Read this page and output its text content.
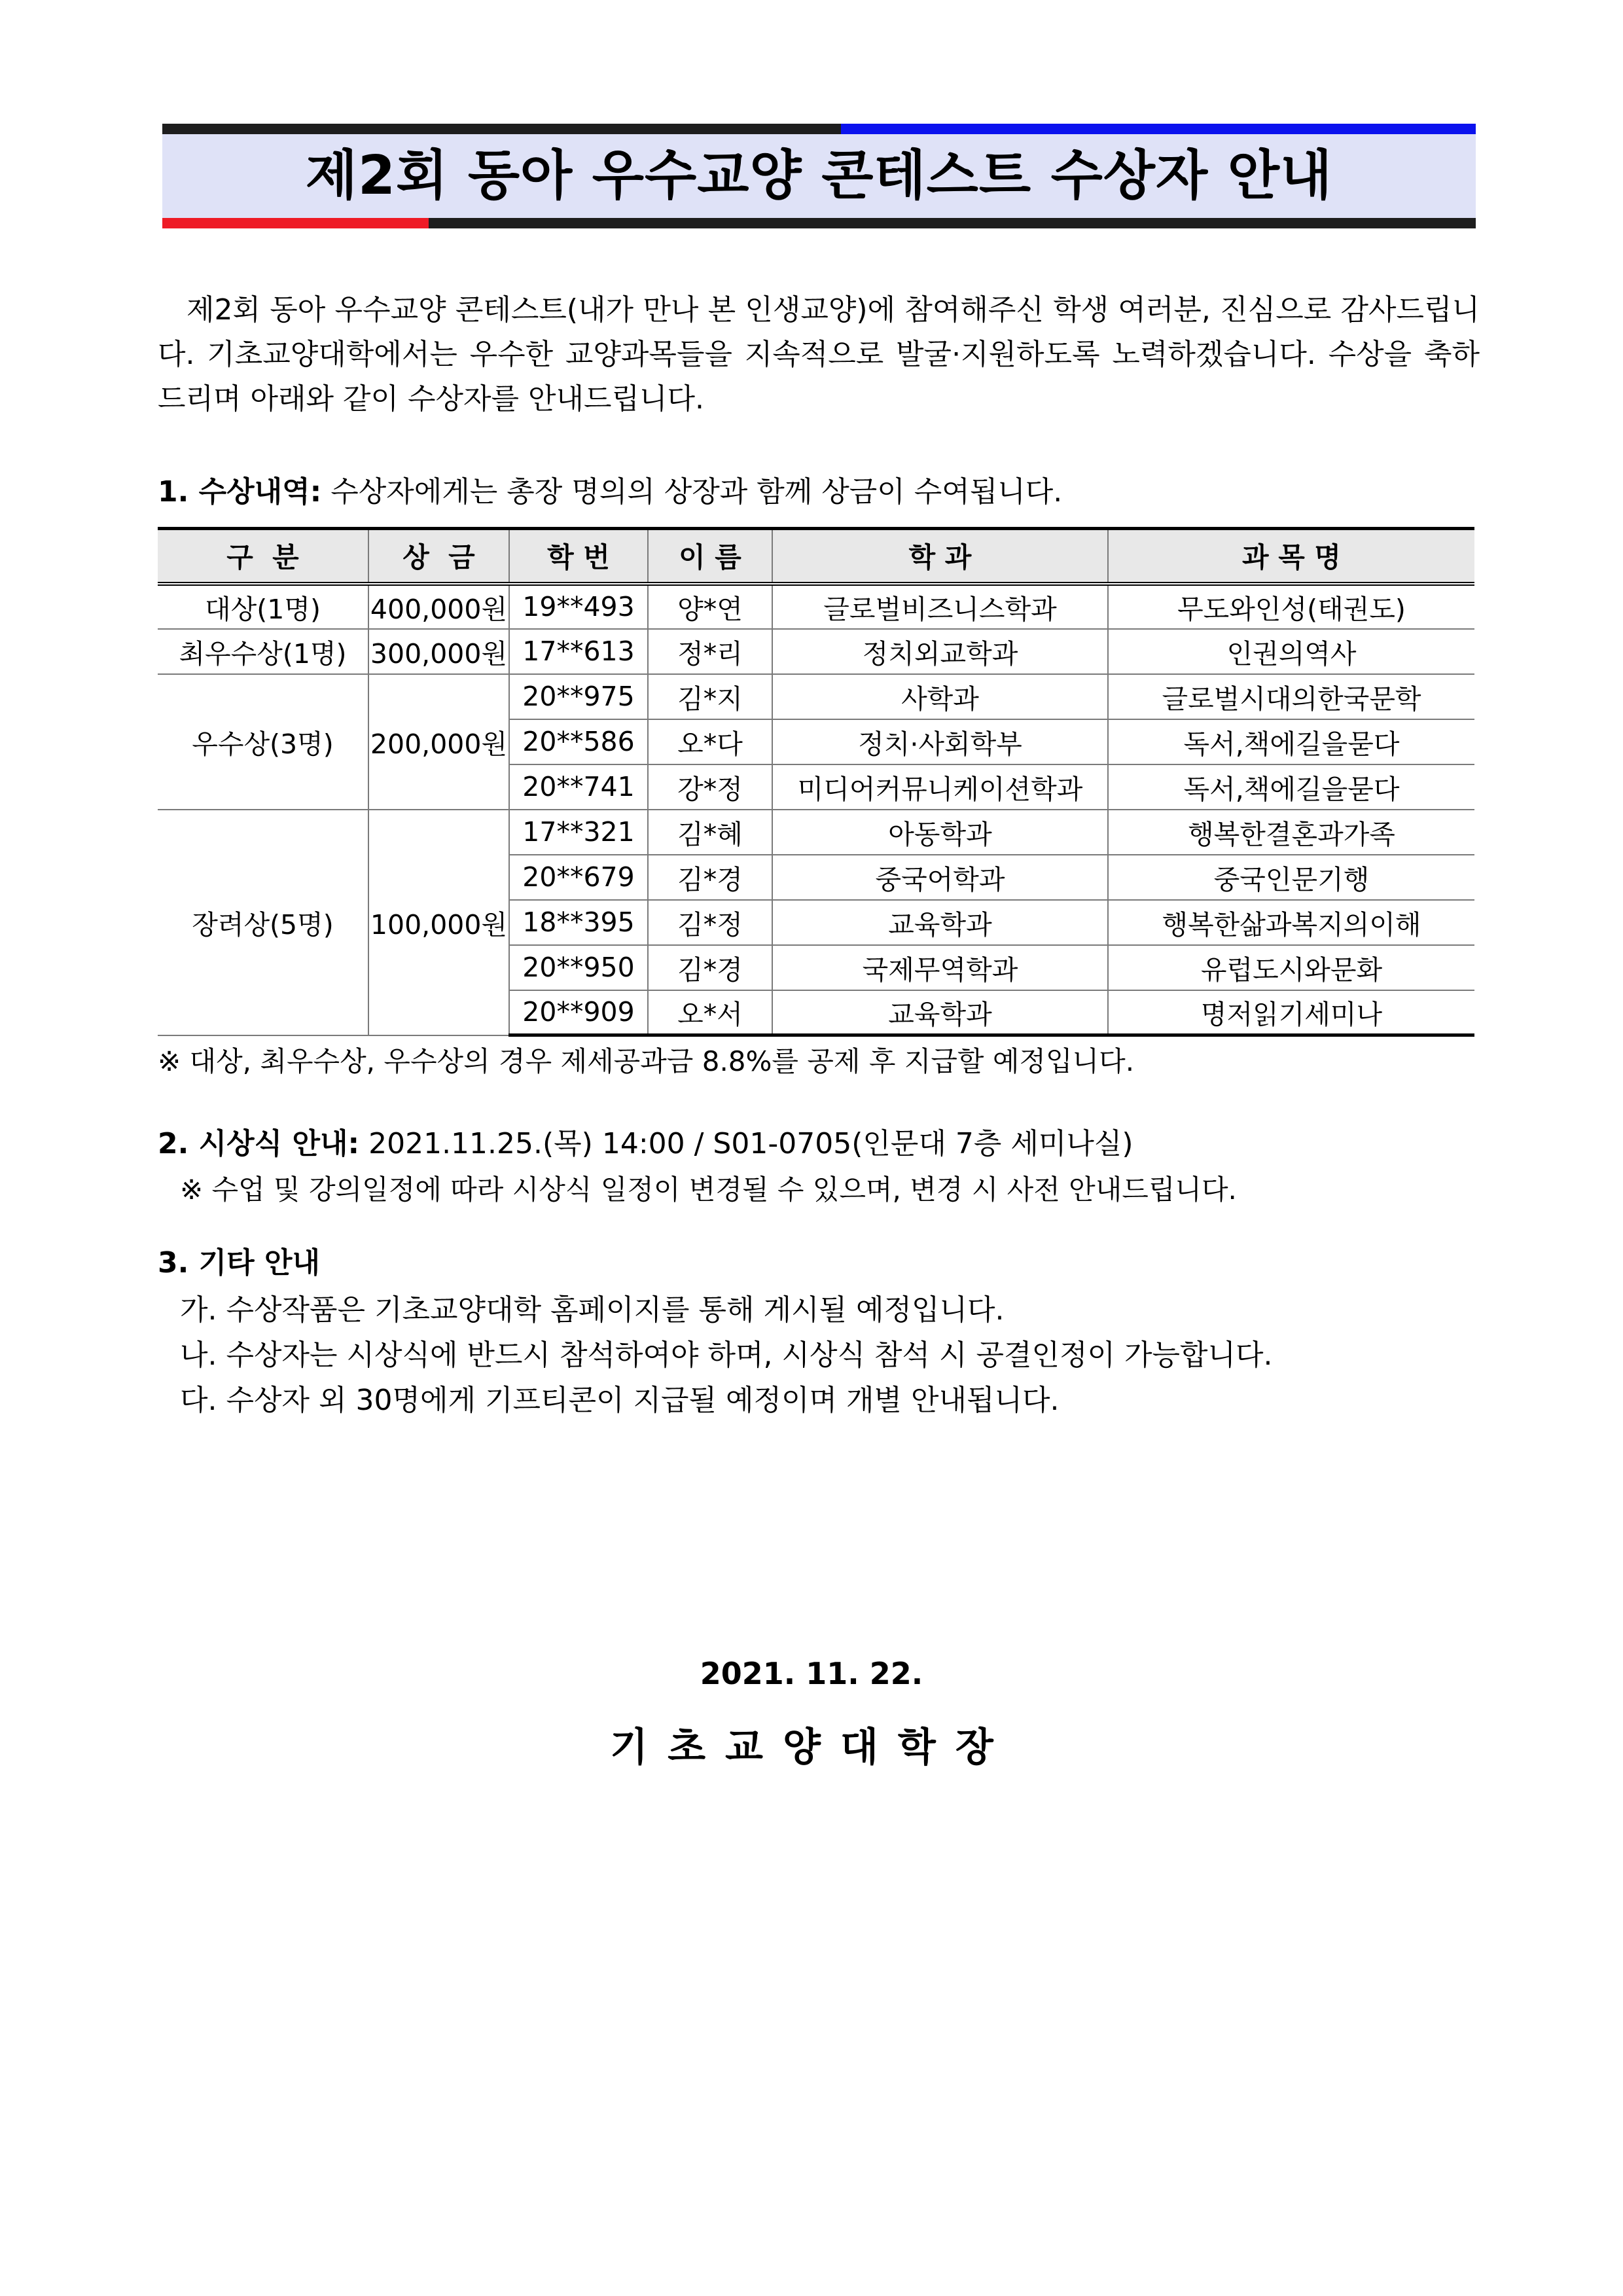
제2회 동아 우수교양 콘테스트 수상자 안내

제2회 동아 우수교양 콘테스트(내가 만나 본 인생교양)에 참여해주신 학생 여러분, 진심으로 감사드립니다. 기초교양대학에서는 우수한 교양과목들을 지속적으로 발굴·지원하도록 노력하겠습니다. 수상을 축하드리며 아래와 같이 수상자를 안내드립니다.

1. 수상내역: 수상자에게는 총장 명의의 상장과 함께 상금이 수여됩니다.
구  분	상  금	학 번	이 름	학 과	과 목 명
대상(1명)	400,000원	19**493	양*연	글로벌비즈니스학과	무도와인성(태권도)
최우수상(1명)	300,000원	17**613	정*리	정치외교학과	인권의역사
우수상(3명)	200,000원	20**975	김*지	사학과	글로벌시대의한국문학
		20**586	오*다	정치·사회학부	독서,책에길을묻다
		20**741	강*정	미디어커뮤니케이션학과	독서,책에길을묻다
장려상(5명)	100,000원	17**321	김*혜	아동학과	행복한결혼과가족
		20**679	김*경	중국어학과	중국인문기행
		18**395	김*정	교육학과	행복한삶과복지의이해
		20**950	김*경	국제무역학과	유럽도시와문화
		20**909	오*서	교육학과	명저읽기세미나
※ 대상, 최우수상, 우수상의 경우 제세공과금 8.8%를 공제 후 지급할 예정입니다.
2. 시상식 안내: 2021.11.25.(목) 14:00 / S01-0705(인문대 7층 세미나실)
※ 수업 및 강의일정에 따라 시상식 일정이 변경될 수 있으며, 변경 시 사전 안내드립니다.
3. 기타 안내
가. 수상작품은 기초교양대학 홈페이지를 통해 게시될 예정입니다.
나. 수상자는 시상식에 반드시 참석하여야 하며, 시상식 참석 시 공결인정이 가능합니다.
다. 수상자 외 30명에게 기프티콘이 지급될 예정이며 개별 안내됩니다.
2021. 11. 22.
기초교양대학장
